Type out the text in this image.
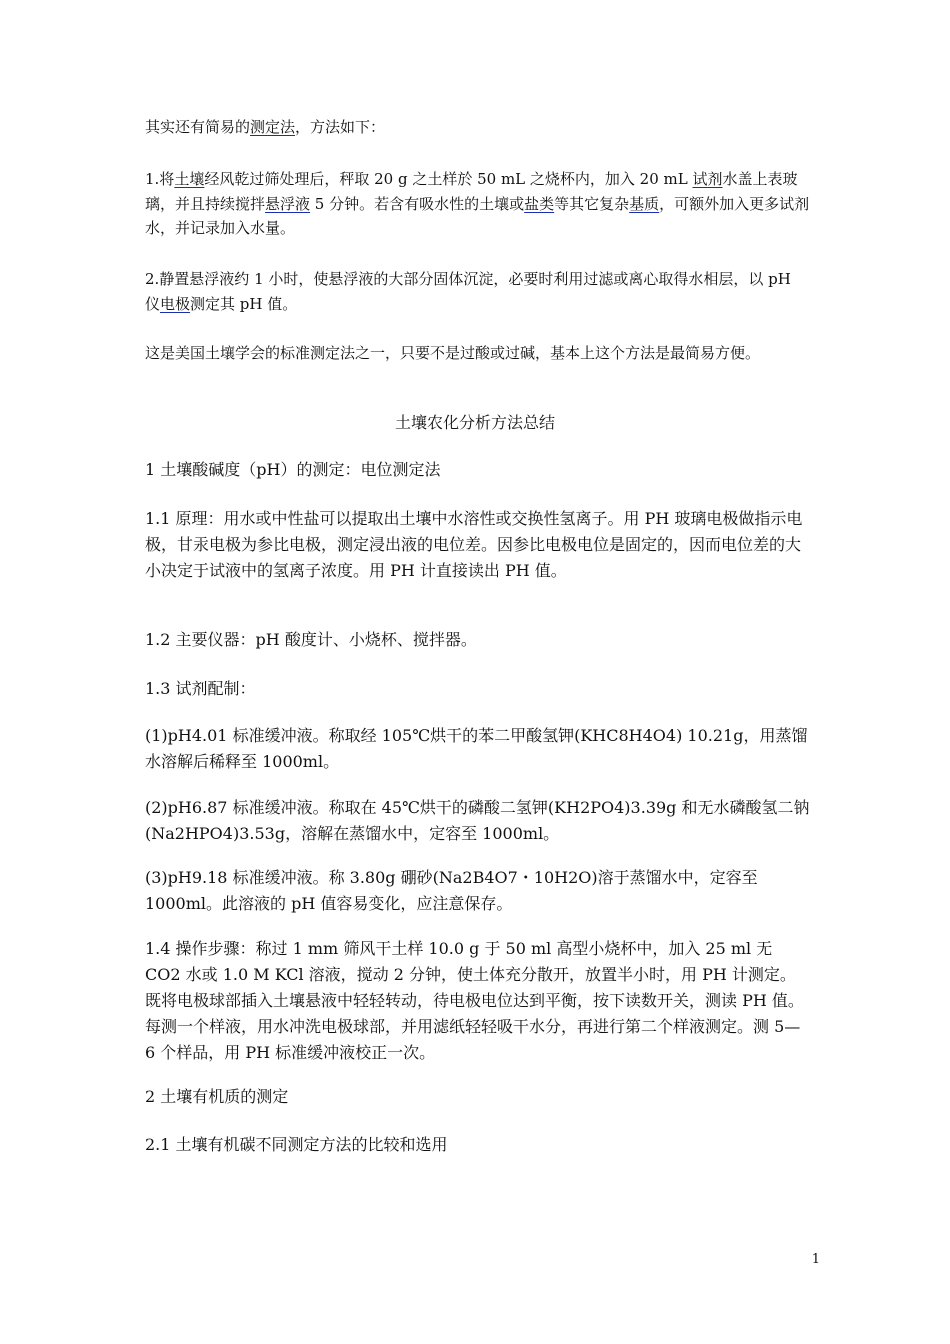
其实还有简易的测定法，方法如下：

1.将土壤经风乾过筛处理后，秤取 20 g 之土样於 50 mL 之烧杯内，加入 20 mL 试剂水盖上表玻璃，并且持续搅拌悬浮液 5 分钟。若含有吸水性的土壤或盐类等其它复杂基质，可额外加入更多试剂水，并记录加入水量。

2.静置悬浮液约 1 小时，使悬浮液的大部分固体沉淀，必要时利用过滤或离心取得水相层，以 pH 仪电极测定其 pH 值。

这是美国土壤学会的标准测定法之一，只要不是过酸或过碱，基本上这个方法是最简易方便。

土壤农化分析方法总结

1 土壤酸碱度（pH）的测定：电位测定法

1.1 原理：用水或中性盐可以提取出土壤中水溶性或交换性氢离子。用 PH 玻璃电极做指示电极，甘汞电极为参比电极，测定浸出液的电位差。因参比电极电位是固定的，因而电位差的大小决定于试液中的氢离子浓度。用 PH 计直接读出 PH 值。

1.2 主要仪器：pH 酸度计、小烧杯、搅拌器。

1.3 试剂配制：

(1)pH4.01 标准缓冲液。称取经 105℃烘干的苯二甲酸氢钾(KHC8H4O4) 10.21g，用蒸馏水溶解后稀释至 1000ml。

(2)pH6.87 标准缓冲液。称取在 45℃烘干的磷酸二氢钾(KH2PO4)3.39g 和无水磷酸氢二钠(Na2HPO4)3.53g，溶解在蒸馏水中，定容至 1000ml。

(3)pH9.18 标准缓冲液。称 3.80g 硼砂(Na2B4O7・10H2O)溶于蒸馏水中，定容至 1000ml。此溶液的 pH 值容易变化，应注意保存。

1.4 操作步骤：称过 1 mm 筛风干土样 10.0 g 于 50 ml 高型小烧杯中，加入 25 ml 无 CO2 水或 1.0 M KCl 溶液，搅动 2 分钟，使土体充分散开，放置半小时，用 PH 计测定。既将电极球部插入土壤悬液中轻轻转动，待电极电位达到平衡，按下读数开关，测读 PH 值。每测一个样液，用水冲洗电极球部，并用滤纸轻轻吸干水分，再进行第二个样液测定。测 5—6 个样品，用 PH 标准缓冲液校正一次。

2 土壤有机质的测定

2.1 土壤有机碳不同测定方法的比较和选用

1
